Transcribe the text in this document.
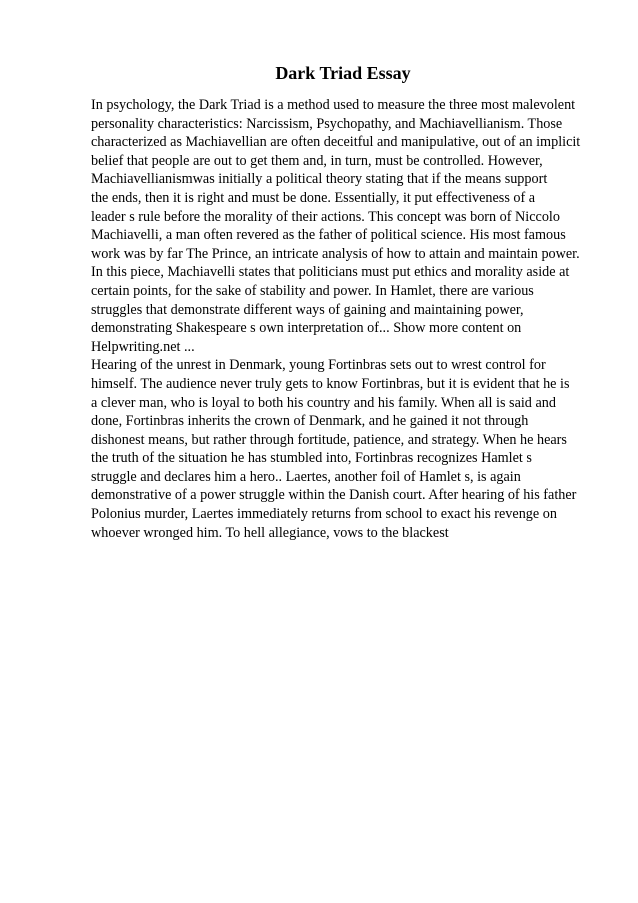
Dark Triad Essay
In psychology, the Dark Triad is a method used to measure the three most malevolent
personality characteristics: Narcissism, Psychopathy, and Machiavellianism. Those
characterized as Machiavellian are often deceitful and manipulative, out of an implicit
belief that people are out to get them and, in turn, must be controlled. However,
Machiavellianismwas initially a political theory stating that if the means support
the ends, then it is right and must be done. Essentially, it put effectiveness of a
leader s rule before the morality of their actions. This concept was born of Niccolo
Machiavelli, a man often revered as the father of political science. His most famous
work was by far The Prince, an intricate analysis of how to attain and maintain power.
In this piece, Machiavelli states that politicians must put ethics and morality aside at
certain points, for the sake of stability and power. In Hamlet, there are various
struggles that demonstrate different ways of gaining and maintaining power,
demonstrating Shakespeare s own interpretation of... Show more content on
Helpwriting.net ...
Hearing of the unrest in Denmark, young Fortinbras sets out to wrest control for
himself. The audience never truly gets to know Fortinbras, but it is evident that he is
a clever man, who is loyal to both his country and his family. When all is said and
done, Fortinbras inherits the crown of Denmark, and he gained it not through
dishonest means, but rather through fortitude, patience, and strategy. When he hears
the truth of the situation he has stumbled into, Fortinbras recognizes Hamlet s
struggle and declares him a hero.. Laertes, another foil of Hamlet s, is again
demonstrative of a power struggle within the Danish court. After hearing of his father
Polonius murder, Laertes immediately returns from school to exact his revenge on
whoever wronged him. To hell allegiance, vows to the blackest
